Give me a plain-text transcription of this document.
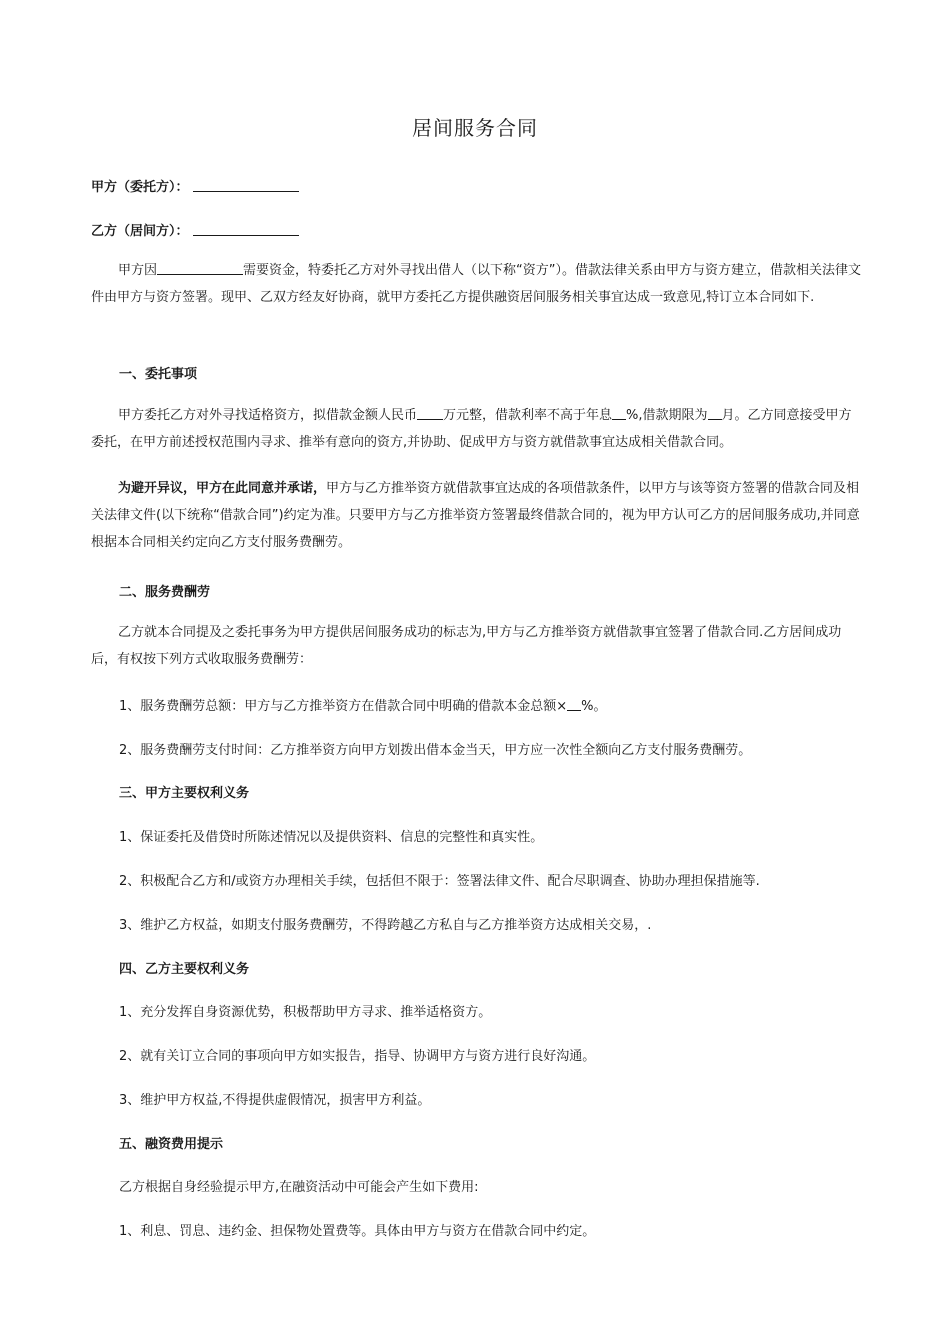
居间服务合同
甲方（委托方）：
乙方（居间方）：
甲方因	需要资金，特委托乙方对外寻找出借人（以下称“资方”）。借款法律关系由甲方与资方建立，借款相关法律文件由甲方与资方签署。现甲、乙双方经友好协商，就甲方委托乙方提供融资居间服务相关事宜达成一致意见,特订立本合同如下.
一、委托事项
甲方委托乙方对外寻找适格资方，拟借款金额人民币 万元整，借款利率不高于年息 %,借款期限为 月。乙方同意接受甲方委托，在甲方前述授权范围内寻求、推举有意向的资方,并协助、促成甲方与资方就借款事宜达成相关借款合同。
为避开异议，甲方在此同意并承诺，甲方与乙方推举资方就借款事宜达成的各项借款条件，以甲方与该等资方签署的借款合同及相关法律文件(以下统称“借款合同”)约定为准。只要甲方与乙方推举资方签署最终借款合同的，视为甲方认可乙方的居间服务成功,并同意根据本合同相关约定向乙方支付服务费酬劳。
二、服务费酬劳
乙方就本合同提及之委托事务为甲方提供居间服务成功的标志为,甲方与乙方推举资方就借款事宜签署了借款合同.乙方居间成功后，有权按下列方式收取服务费酬劳：
1、服务费酬劳总额：甲方与乙方推举资方在借款合同中明确的借款本金总额× %。
2、服务费酬劳支付时间：乙方推举资方向甲方划拨出借本金当天，甲方应一次性全额向乙方支付服务费酬劳。
三、甲方主要权利义务
1、保证委托及借贷时所陈述情况以及提供资料、信息的完整性和真实性。
2、积极配合乙方和/或资方办理相关手续，包括但不限于：签署法律文件、配合尽职调查、协助办理担保措施等.
3、维护乙方权益，如期支付服务费酬劳，不得跨越乙方私自与乙方推举资方达成相关交易，.
四、乙方主要权利义务
1、充分发挥自身资源优势，积极帮助甲方寻求、推举适格资方。
2、就有关订立合同的事项向甲方如实报告，指导、协调甲方与资方进行良好沟通。
3、维护甲方权益,不得提供虚假情况，损害甲方利益。
五、融资费用提示
乙方根据自身经验提示甲方,在融资活动中可能会产生如下费用:
1、利息、罚息、违约金、担保物处置费等。具体由甲方与资方在借款合同中约定。
